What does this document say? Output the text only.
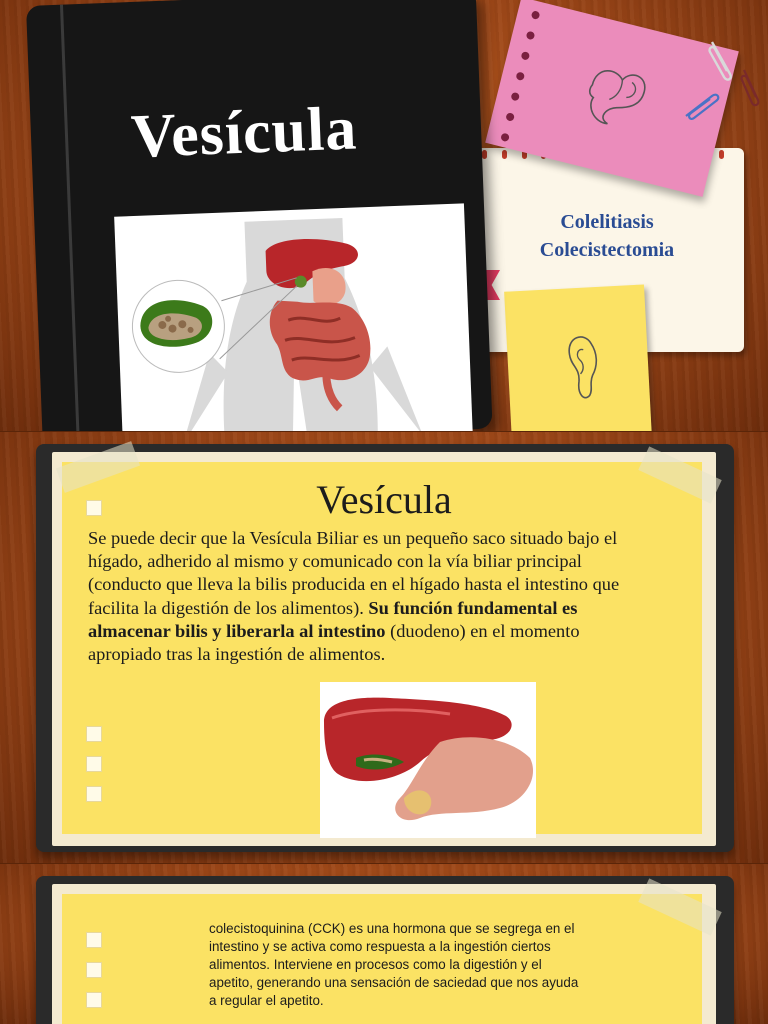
Colelitiasis
Colecistectomia
Vesícula
Vesícula
Se puede decir que la Vesícula Biliar es un pequeño saco situado bajo el hígado, adherido al mismo y comunicado con la vía biliar principal (conducto que lleva la bilis producida en el hígado hasta el intestino que facilita la digestión de los alimentos). Su función fundamental es almacenar bilis y liberarla al intestino (duodeno) en el momento apropiado tras la ingestión de alimentos.
colecistoquinina (CCK) es una hormona que se segrega en el intestino y se activa como respuesta a la ingestión ciertos alimentos. Interviene en procesos como la digestión y el apetito, generando una sensación de saciedad que nos ayuda a regular el apetito.
